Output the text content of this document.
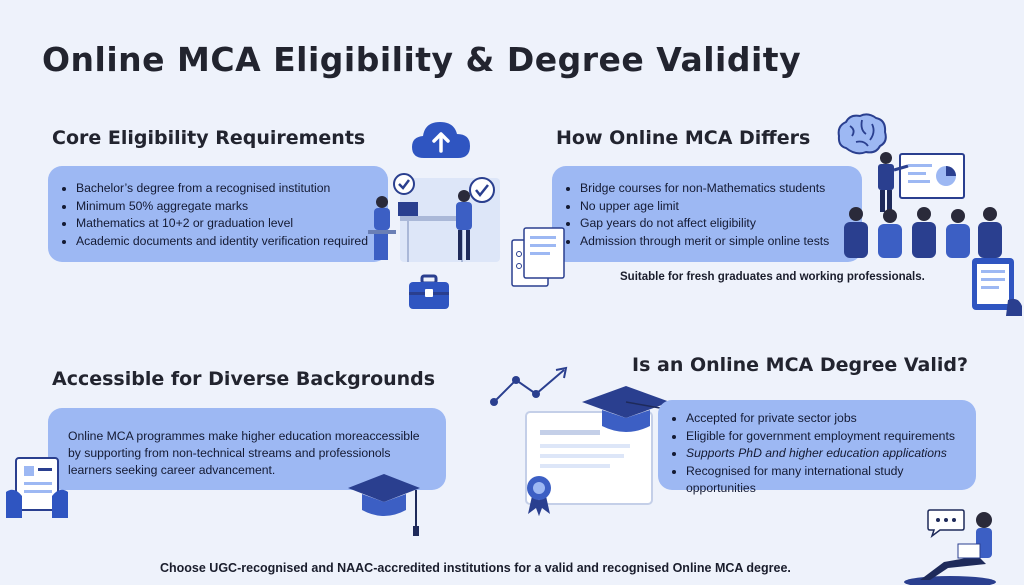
Online MCA Eligibility & Degree Validity
Core Eligibility Requirements
• Bachelor’s degree from a recognised institution
• Minimum 50% aggregate marks
• Mathematics at 10+2 or graduation level
• Academic documents and identity verification required
How Online MCA Differs
• Bridge courses for non-Mathematics students
• No upper age limit
• Gap years do not affect eligibility
• Admission through merit or simple online tests
Suitable for fresh graduates and working professionals.
Accessible for Diverse Backgrounds
Online MCA programmes make higher education moreaccessible by supporting from non-technical streams and professionols learners seeking career advancement.
Is an Online MCA Degree Valid?
• Accepted for private sector jobs
• Eligible for government employment requirements
• Supports PhD and higher education applications
• Recognised for many international study opportunities
Choose UGC-recognised and NAAC-accredited institutions for a valid and recognised Online MCA degree.
